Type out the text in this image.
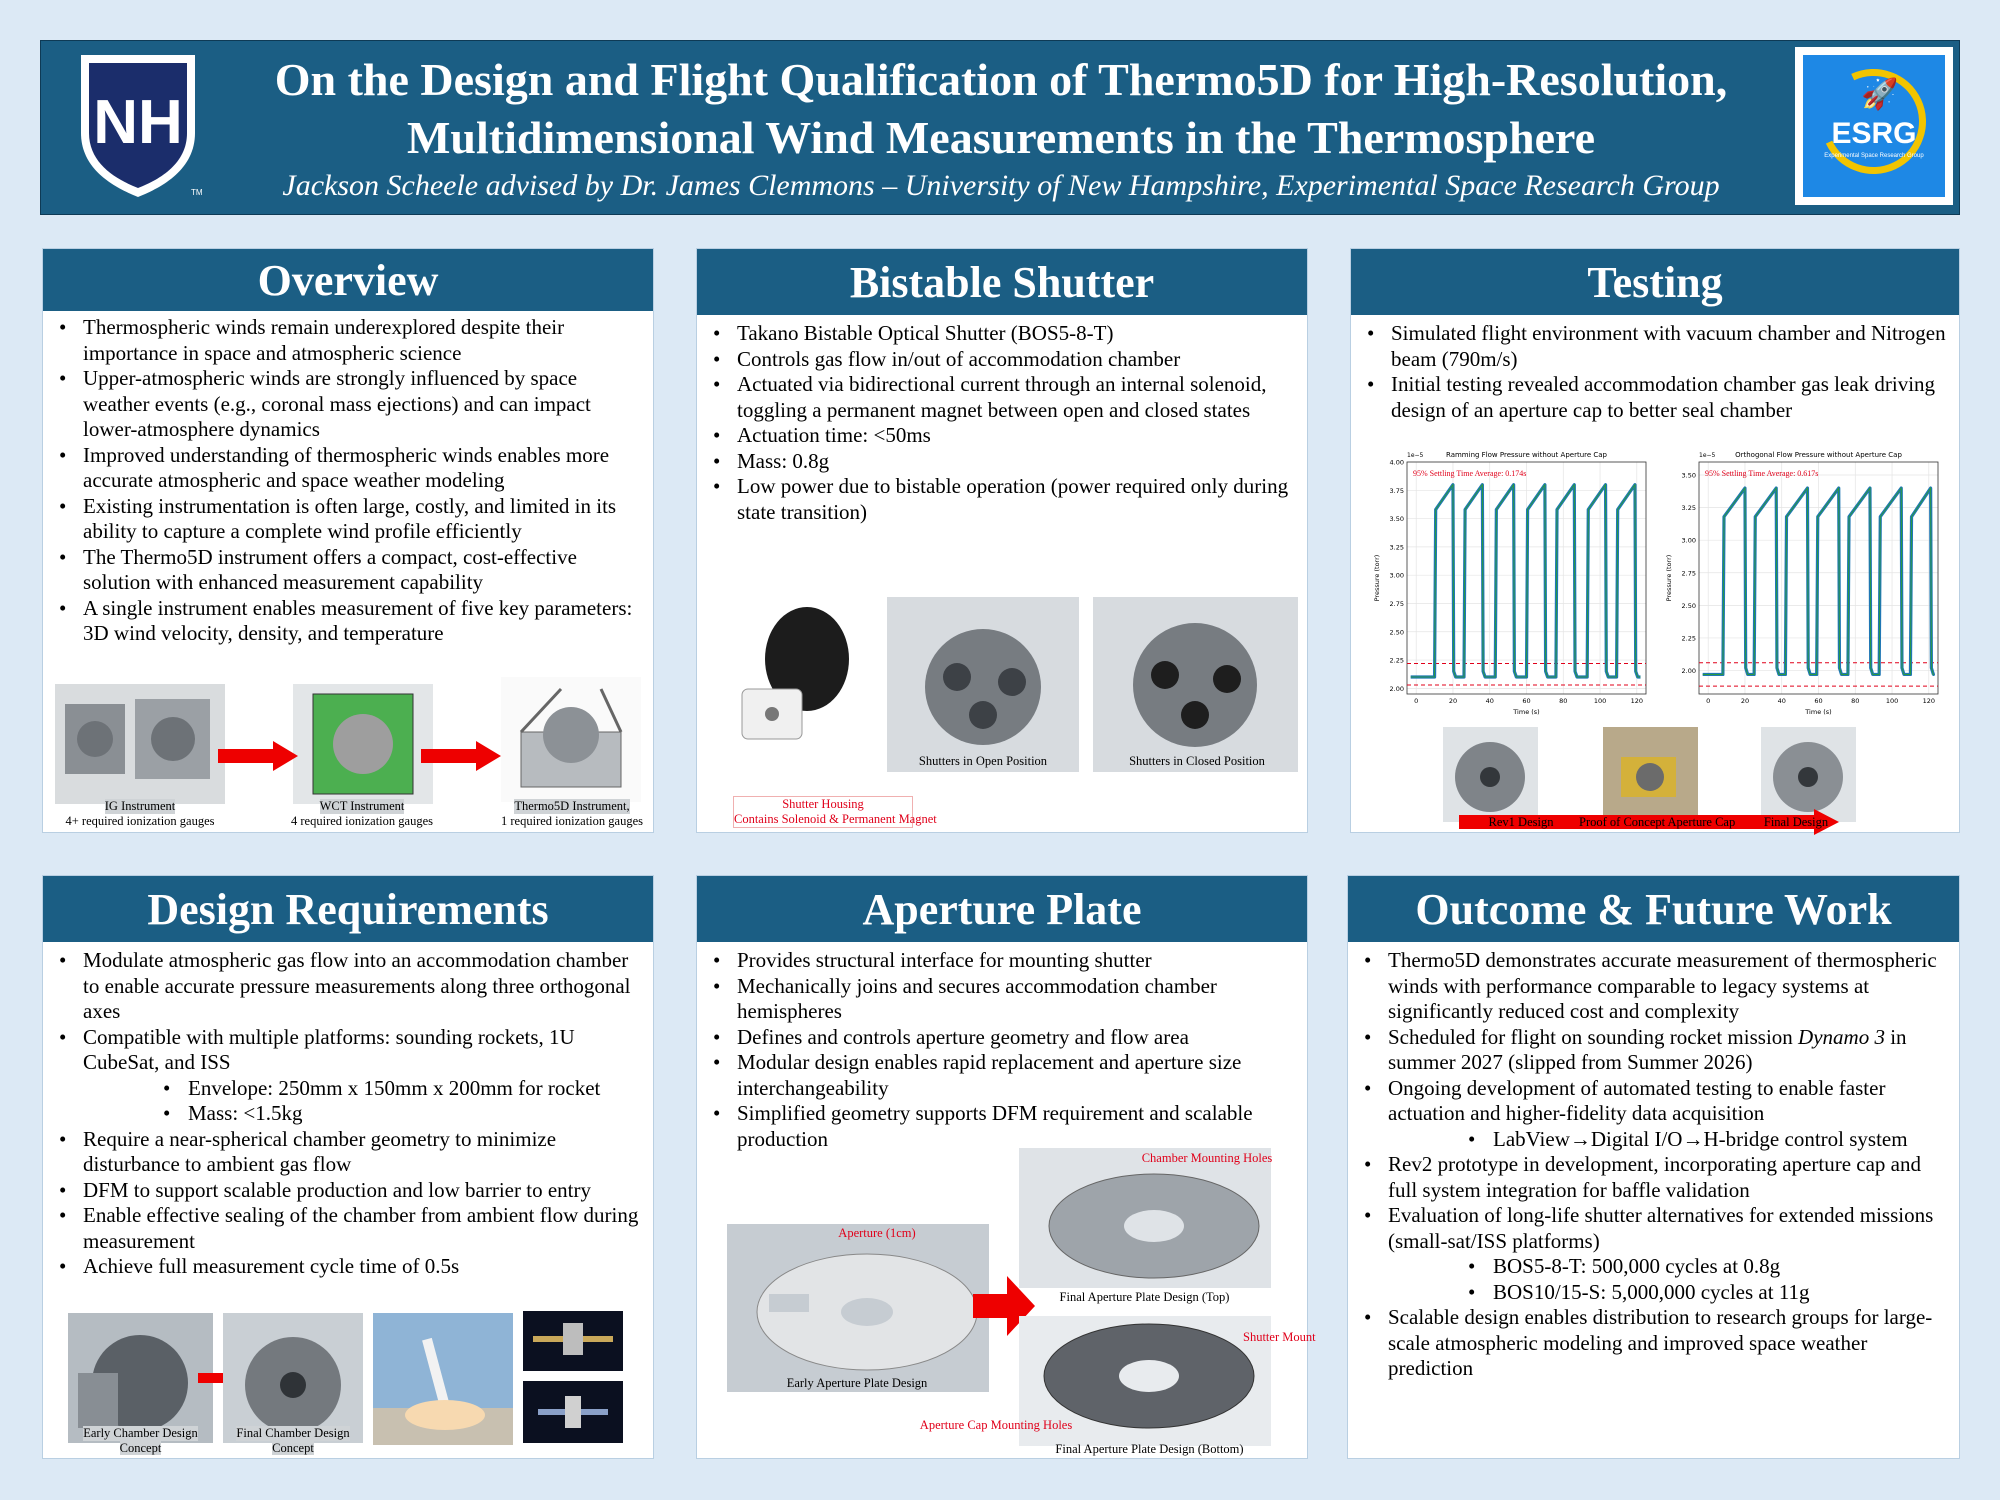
NH
TM
On the Design and Flight Qualification of Thermo5D for High-Resolution,
Multidimensional Wind Measurements in the Thermosphere
Jackson Scheele advised by Dr. James Clemmons – University of New Hampshire, Experimental Space Research Group
🚀
ESRG
Experimental Space Research Group
Overview
• Thermospheric winds remain underexplored despite their importance in space and atmospheric science
• Upper-atmospheric winds are strongly influenced by space weather events (e.g., coronal mass ejections) and can impact lower-atmosphere dynamics
• Improved understanding of thermospheric winds enables more accurate atmospheric and space weather modeling
• Existing instrumentation is often large, costly, and limited in its ability to capture a complete wind profile efficiently
• The Thermo5D instrument offers a compact, cost-effective solution with enhanced measurement capability
• A single instrument enables measurement of five key parameters: 3D wind velocity, density, and temperature
IG Instrument
4+ required ionization gauges
WCT Instrument
4 required ionization gauges
Thermo5D Instrument,
1 required ionization gauges
Bistable Shutter
• Takano Bistable Optical Shutter (BOS5-8-T)
• Controls gas flow in/out of accommodation chamber
• Actuated via bidirectional current through an internal solenoid, toggling a permanent magnet between open and closed states
• Actuation time: <50ms
• Mass: 0.8g
• Low power due to bistable operation (power required only during state transition)
Shutter Housing
Contains Solenoid & Permanent Magnet
Shutters in Open Position	Shutters in Closed Position
Testing
• Simulated flight environment with vacuum chamber and Nitrogen beam (790m/s)
• Initial testing revealed accommodation chamber gas leak driving design of an aperture cap to better seal chamber
2.00
2.25
2.50
2.75
3.00
3.25
3.50
3.75
4.00
0	20	40	60	80	100	120
Ramming Flow Pressure without Aperture Cap
1e−5
95% Settling Time Average: 0.174s
Time (s)
Pressure (torr)
2.00
2.25
2.50
2.75
3.00
3.25
3.50
0	20	40	60	80	100	120
Orthogonal Flow Pressure without Aperture Cap
1e−5
95% Settling Time Average: 0.617s
Time (s)
Pressure (torr)
Rev1 Design	Proof of Concept Aperture Cap	Final Design
Design Requirements
• Modulate atmospheric gas flow into an accommodation chamber to enable accurate pressure measurements along three orthogonal axes
• Compatible with multiple platforms: sounding rockets, 1U CubeSat, and ISS
• Envelope: 250mm x 150mm x 200mm for rocket
• Mass: <1.5kg
• Require a near-spherical chamber geometry to minimize disturbance to ambient gas flow
• DFM to support scalable production and low barrier to entry
• Enable effective sealing of the chamber from ambient flow during measurement
• Achieve full measurement cycle time of 0.5s
Early Chamber Design
Concept
Final Chamber Design
Concept
Aperture Plate
• Provides structural interface for mounting shutter
• Mechanically joins and secures accommodation chamber hemispheres
• Defines and controls aperture geometry and flow area
• Modular design enables rapid replacement and aperture size interchangeability
• Simplified geometry supports DFM requirement and scalable production
Aperture (1cm)
Early Aperture Plate Design
Chamber Mounting Holes
Final Aperture Plate Design (Top)
Shutter Mount
Aperture Cap Mounting Holes
Final Aperture Plate Design (Bottom)
Outcome & Future Work
• Thermo5D demonstrates accurate measurement of thermospheric winds with performance comparable to legacy systems at significantly reduced cost and complexity
• Scheduled for flight on sounding rocket mission Dynamo 3 in summer 2027 (slipped from Summer 2026)
• Ongoing development of automated testing to enable faster actuation and higher-fidelity data acquisition
• LabView→Digital I/O→H-bridge control system
• Rev2 prototype in development, incorporating aperture cap and full system integration for baffle validation
• Evaluation of long-life shutter alternatives for extended missions (small-sat/ISS platforms)
• BOS5-8-T: 500,000 cycles at 0.8g
• BOS10/15-S: 5,000,000 cycles at 11g
• Scalable design enables distribution to research groups for large-scale atmospheric modeling and improved space weather prediction
